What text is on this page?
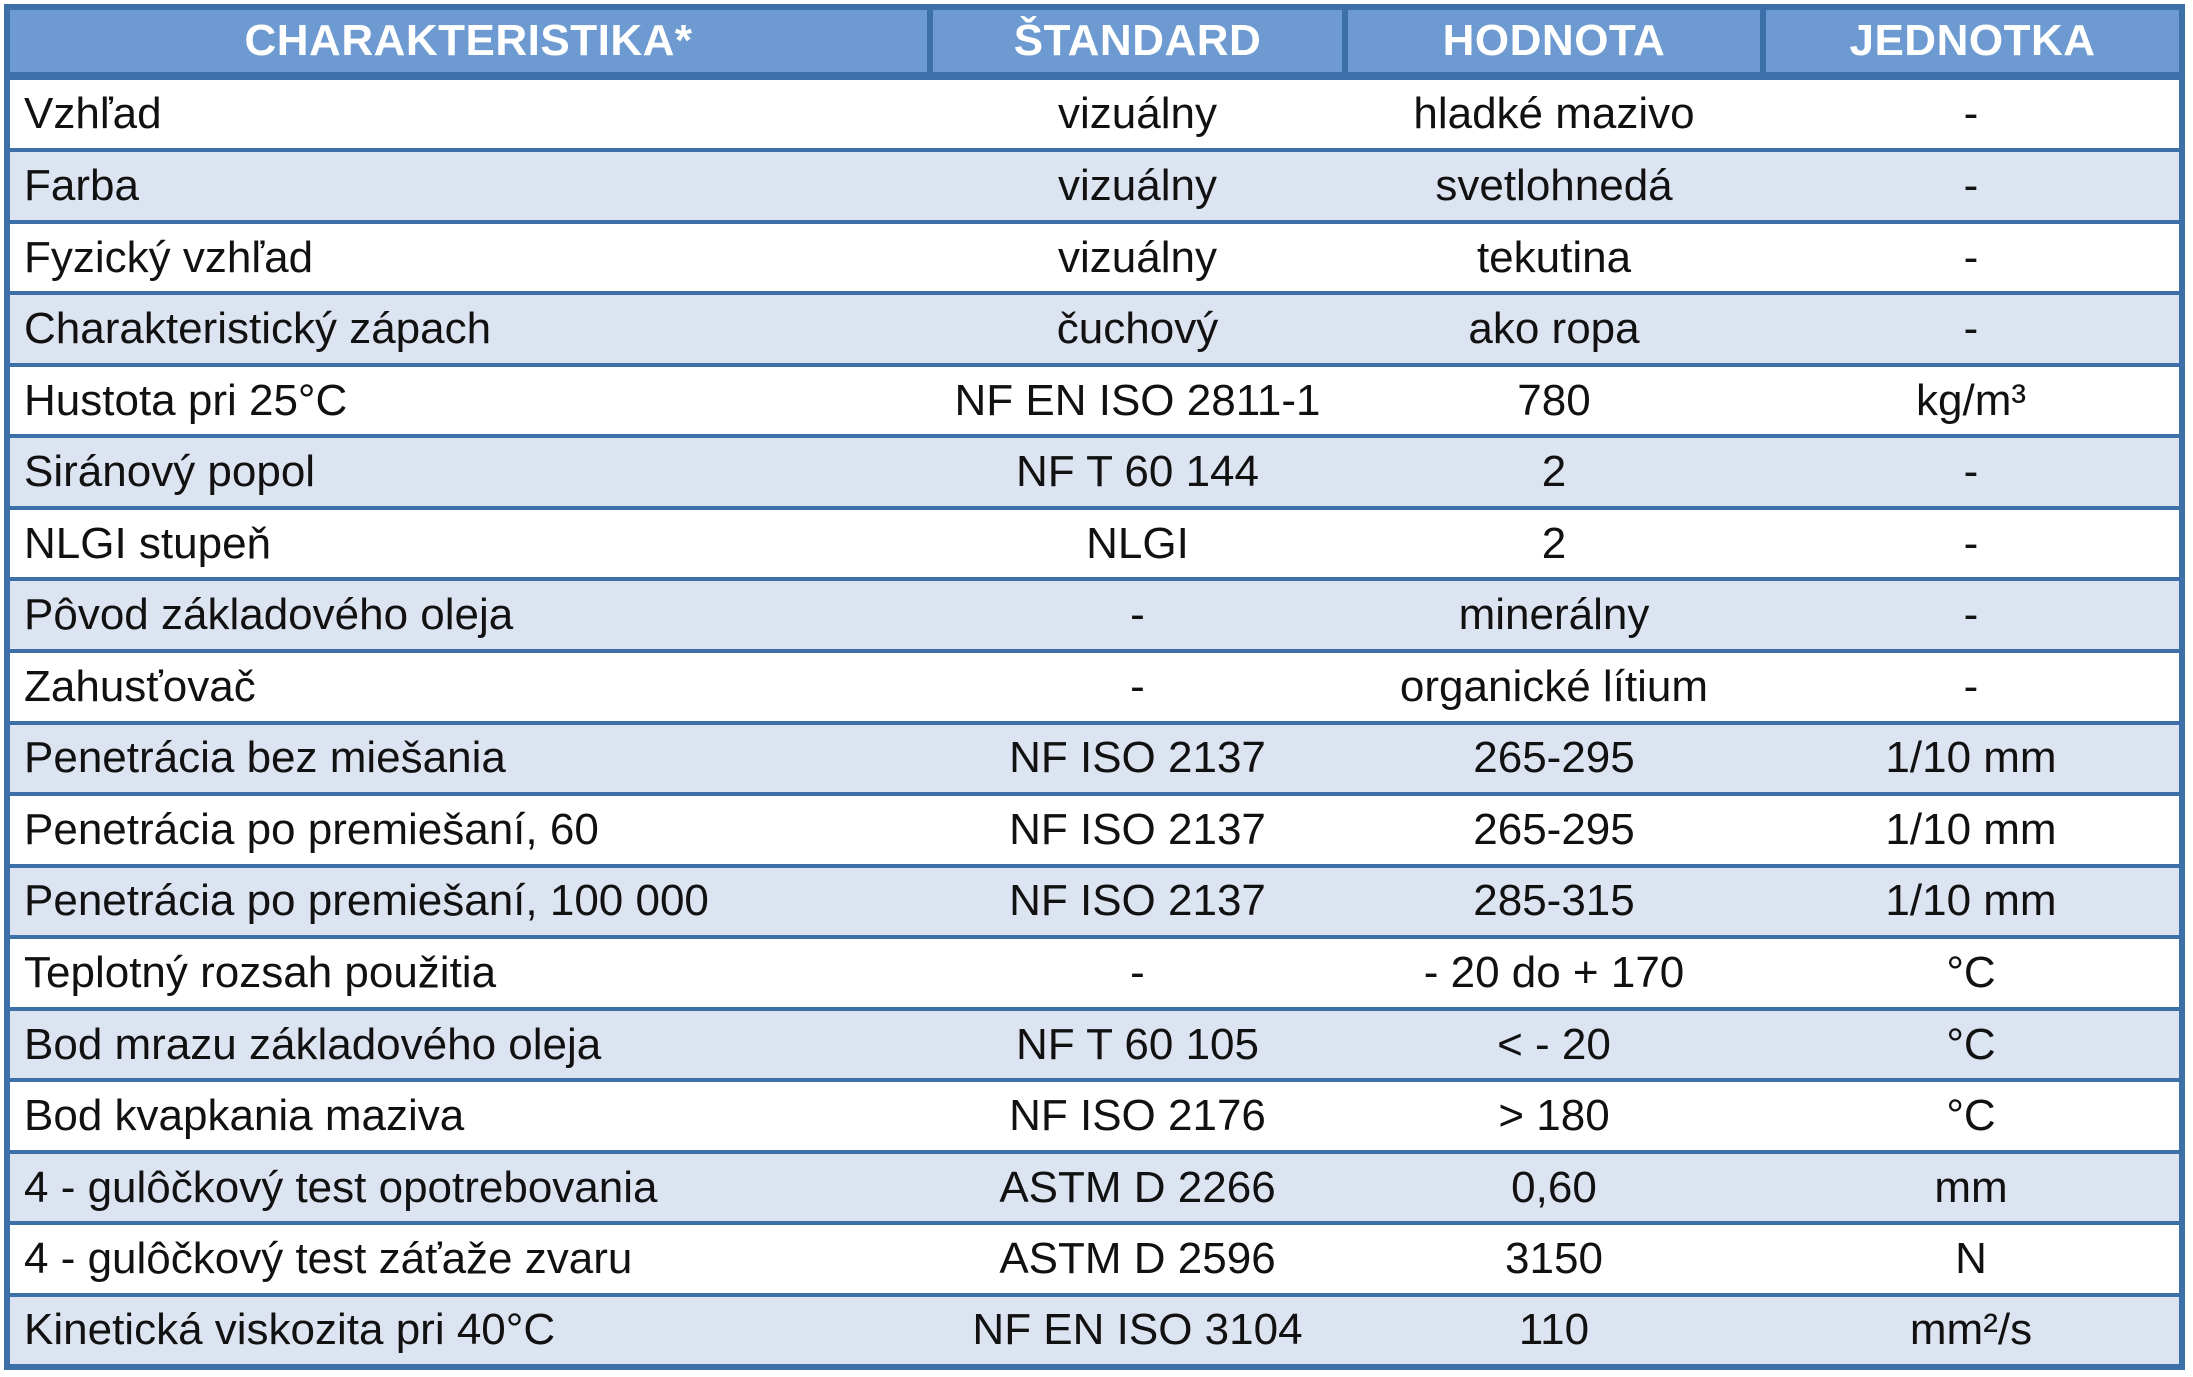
CHARAKTERISTIKA*	ŠTANDARD	HODNOTA	JEDNOTKA
Vzhľad	vizuálny	hladké mazivo	-
Farba	vizuálny	svetlohnedá	-
Fyzický vzhľad	vizuálny	tekutina	-
Charakteristický zápach	čuchový	ako ropa	-
Hustota pri 25°C	NF EN ISO 2811-1	780	kg/m³
Siránový popol	NF T 60 144	2	-
NLGI stupeň	NLGI	2	-
Pôvod základového oleja	-	minerálny	-
Zahusťovač	-	organické lítium	-
Penetrácia bez miešania	NF ISO 2137	265-295	1/10 mm
Penetrácia po premiešaní, 60	NF ISO 2137	265-295	1/10 mm
Penetrácia po premiešaní, 100 000	NF ISO 2137	285-315	1/10 mm
Teplotný rozsah použitia	-	- 20 do + 170	°C
Bod mrazu základového oleja	NF T 60 105	< - 20	°C
Bod kvapkania maziva	NF ISO 2176	> 180	°C
4 - gulôčkový test opotrebovania	ASTM D 2266	0,60	mm
4 - gulôčkový test záťaže zvaru	ASTM D 2596	3150	N
Kinetická viskozita pri 40°C	NF EN ISO 3104	110	mm²/s
